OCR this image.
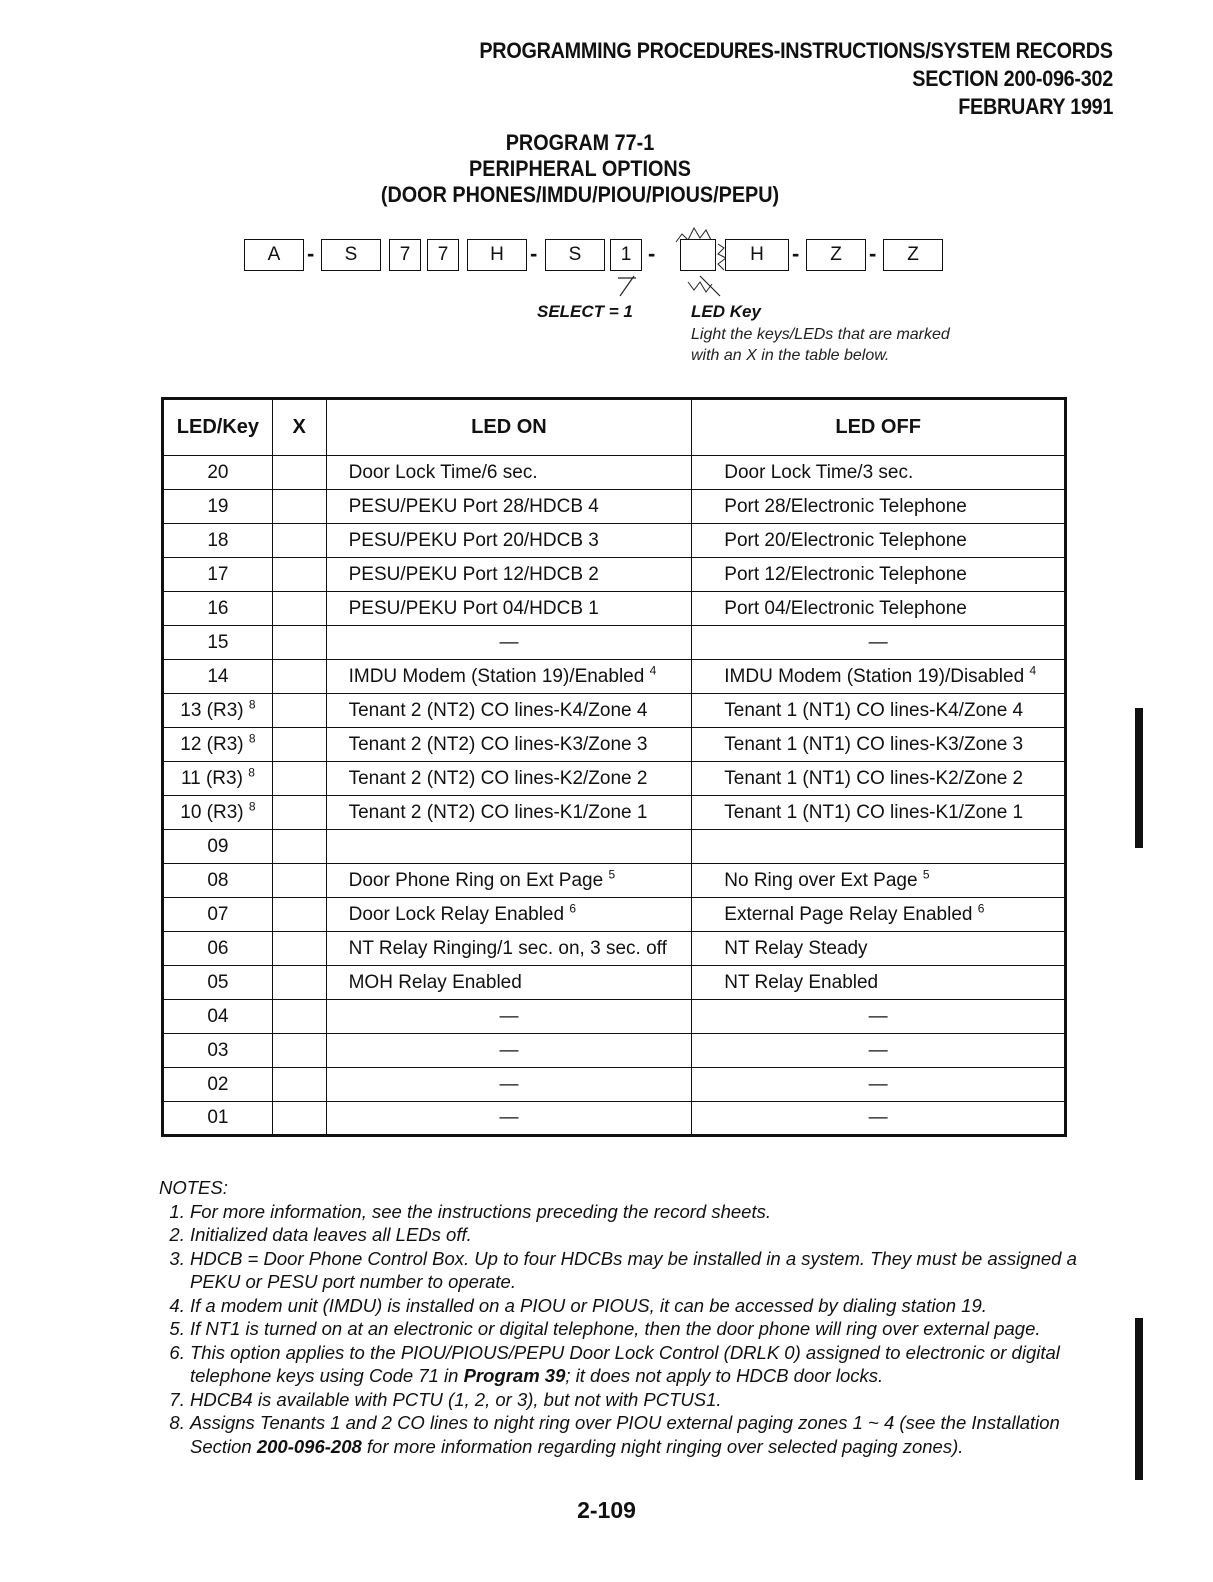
PROGRAMMING PROCEDURES-INSTRUCTIONS/SYSTEM RECORDS
SECTION 200-096-302
FEBRUARY 1991
PROGRAM 77-1
PERIPHERAL OPTIONS
(DOOR PHONES/IMDU/PIOU/PIOUS/PEPU)
A	-	S	7	7	H	-	S	1 -	H	-	Z	-	Z
SELECT = 1	LED Key
Light the keys/LEDs that are marked
with an X in the table below.
LED/Key	X	LED ON	LED OFF
20		Door Lock Time/6 sec.	Door Lock Time/3 sec.
19		PESU/PEKU Port 28/HDCB 4	Port 28/Electronic Telephone
18		PESU/PEKU Port 20/HDCB 3	Port 20/Electronic Telephone
17		PESU/PEKU Port 12/HDCB 2	Port 12/Electronic Telephone
16		PESU/PEKU Port 04/HDCB 1	Port 04/Electronic Telephone
15		—	—
14		IMDU Modem (Station 19)/Enabled $^4$	IMDU Modem (Station 19)/Disabled $^4$
13 (R3) $^8$		Tenant 2 (NT2) CO lines-K4/Zone 4	Tenant 1 (NT1) CO lines-K4/Zone 4
12 (R3) $^8$		Tenant 2 (NT2) CO lines-K3/Zone 3	Tenant 1 (NT1) CO lines-K3/Zone 3
11 (R3) $^8$		Tenant 2 (NT2) CO lines-K2/Zone 2	Tenant 1 (NT1) CO lines-K2/Zone 2
10 (R3) $^8$		Tenant 2 (NT2) CO lines-K1/Zone 1	Tenant 1 (NT1) CO lines-K1/Zone 1
09			
08		Door Phone Ring on Ext Page $^5$	No Ring over Ext Page $^5$
07		Door Lock Relay Enabled $^6$	External Page Relay Enabled $^6$
06		NT Relay Ringing/1 sec. on, 3 sec. off	NT Relay Steady
05		MOH Relay Enabled	NT Relay Enabled
04		—	—
03		—	—
02		—	—
01		—	—
NOTES:
1. For more information, see the instructions preceding the record sheets.
2. Initialized data leaves all LEDs off.
3. HDCB = Door Phone Control Box. Up to four HDCBs may be installed in a system. They must be assigned a PEKU or PESU port number to operate.
4. If a modem unit (IMDU) is installed on a PIOU or PIOUS, it can be accessed by dialing station 19.
5. If NT1 is turned on at an electronic or digital telephone, then the door phone will ring over external page.
6. This option applies to the PIOU/PIOUS/PEPU Door Lock Control (DRLK 0) assigned to electronic or digital telephone keys using Code 71 in Program 39; it does not apply to HDCB door locks.
7. HDCB4 is available with PCTU (1, 2, or 3), but not with PCTUS1.
8. Assigns Tenants 1 and 2 CO lines to night ring over PIOU external paging zones 1 ~ 4 (see the Installation Section 200-096-208 for more information regarding night ringing over selected paging zones).
2-109
